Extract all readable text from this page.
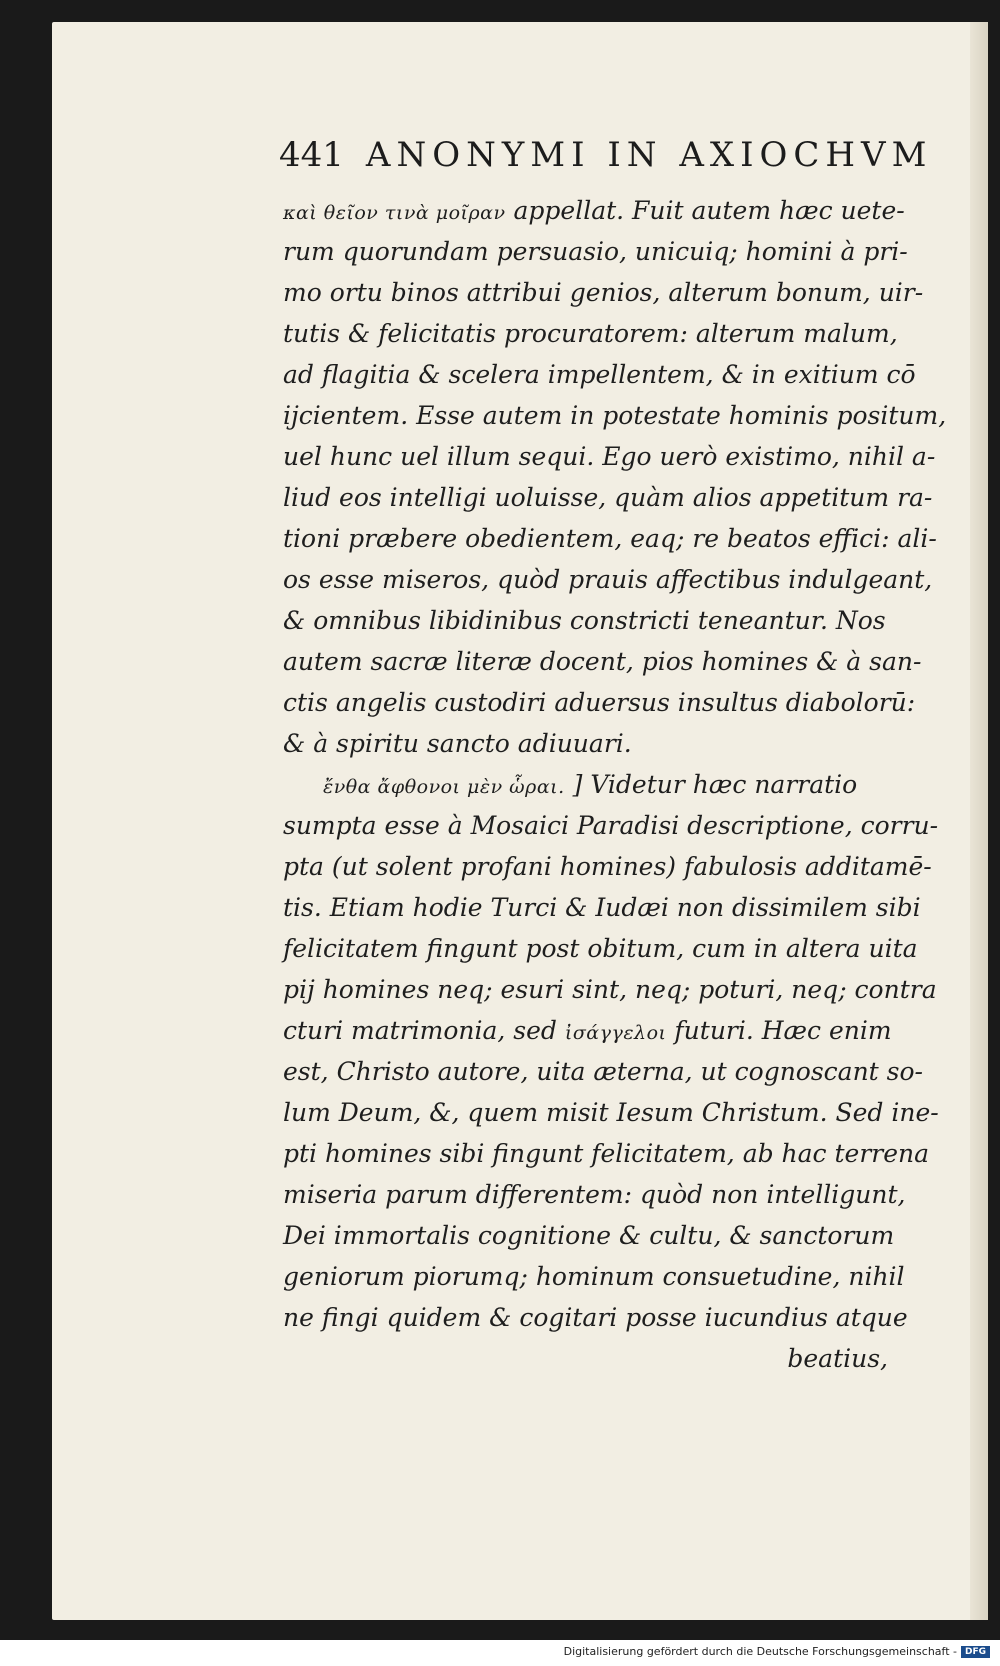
441 ANONYMI IN AXIOCHVM
καὶ θεῖον τινὰ μοῖραν appellat. Fuit autem hæc uete-
rum quorundam persuasio, unicuiq; homini à pri-
mo ortu binos attribui genios, alterum bonum, uir-
tutis & felicitatis procuratorem: alterum malum,
ad flagitia & scelera impellentem, & in exitium cō
ijcientem. Esse autem in potestate hominis positum,
uel hunc uel illum sequi. Ego uerò existimo, nihil a-
liud eos intelligi uoluisse, quàm alios appetitum ra-
tioni præbere obedientem, eaq; re beatos effici: ali-
os esse miseros, quòd prauis affectibus indulgeant,
& omnibus libidinibus constricti teneantur. Nos
autem sacræ literæ docent, pios homines & à san-
ctis angelis custodiri aduersus insultus diabolorū:
& à spiritu sancto adiuuari.
ἔνθα ἄφθονοι μὲν ὧραι. ] Videtur hæc narratio
sumpta esse à Mosaici Paradisi descriptione, corru-
pta (ut solent profani homines) fabulosis additamē-
tis. Etiam hodie Turci & Iudæi non dissimilem sibi
felicitatem fingunt post obitum, cum in altera uita
pij homines neq; esuri sint, neq; poturi, neq; contra
cturi matrimonia, sed ἰσάγγελοι futuri. Hæc enim
est, Christo autore, uita æterna, ut cognoscant so-
lum Deum, &, quem misit Iesum Christum. Sed ine-
pti homines sibi fingunt felicitatem, ab hac terrena
miseria parum differentem: quòd non intelligunt,
Dei immortalis cognitione & cultu, & sanctorum
geniorum piorumq; hominum consuetudine, nihil
ne fingi quidem & cogitari posse iucundius atque
beatius,
Digitalisierung gefördert durch die Deutsche Forschungsgemeinschaft - DFG
